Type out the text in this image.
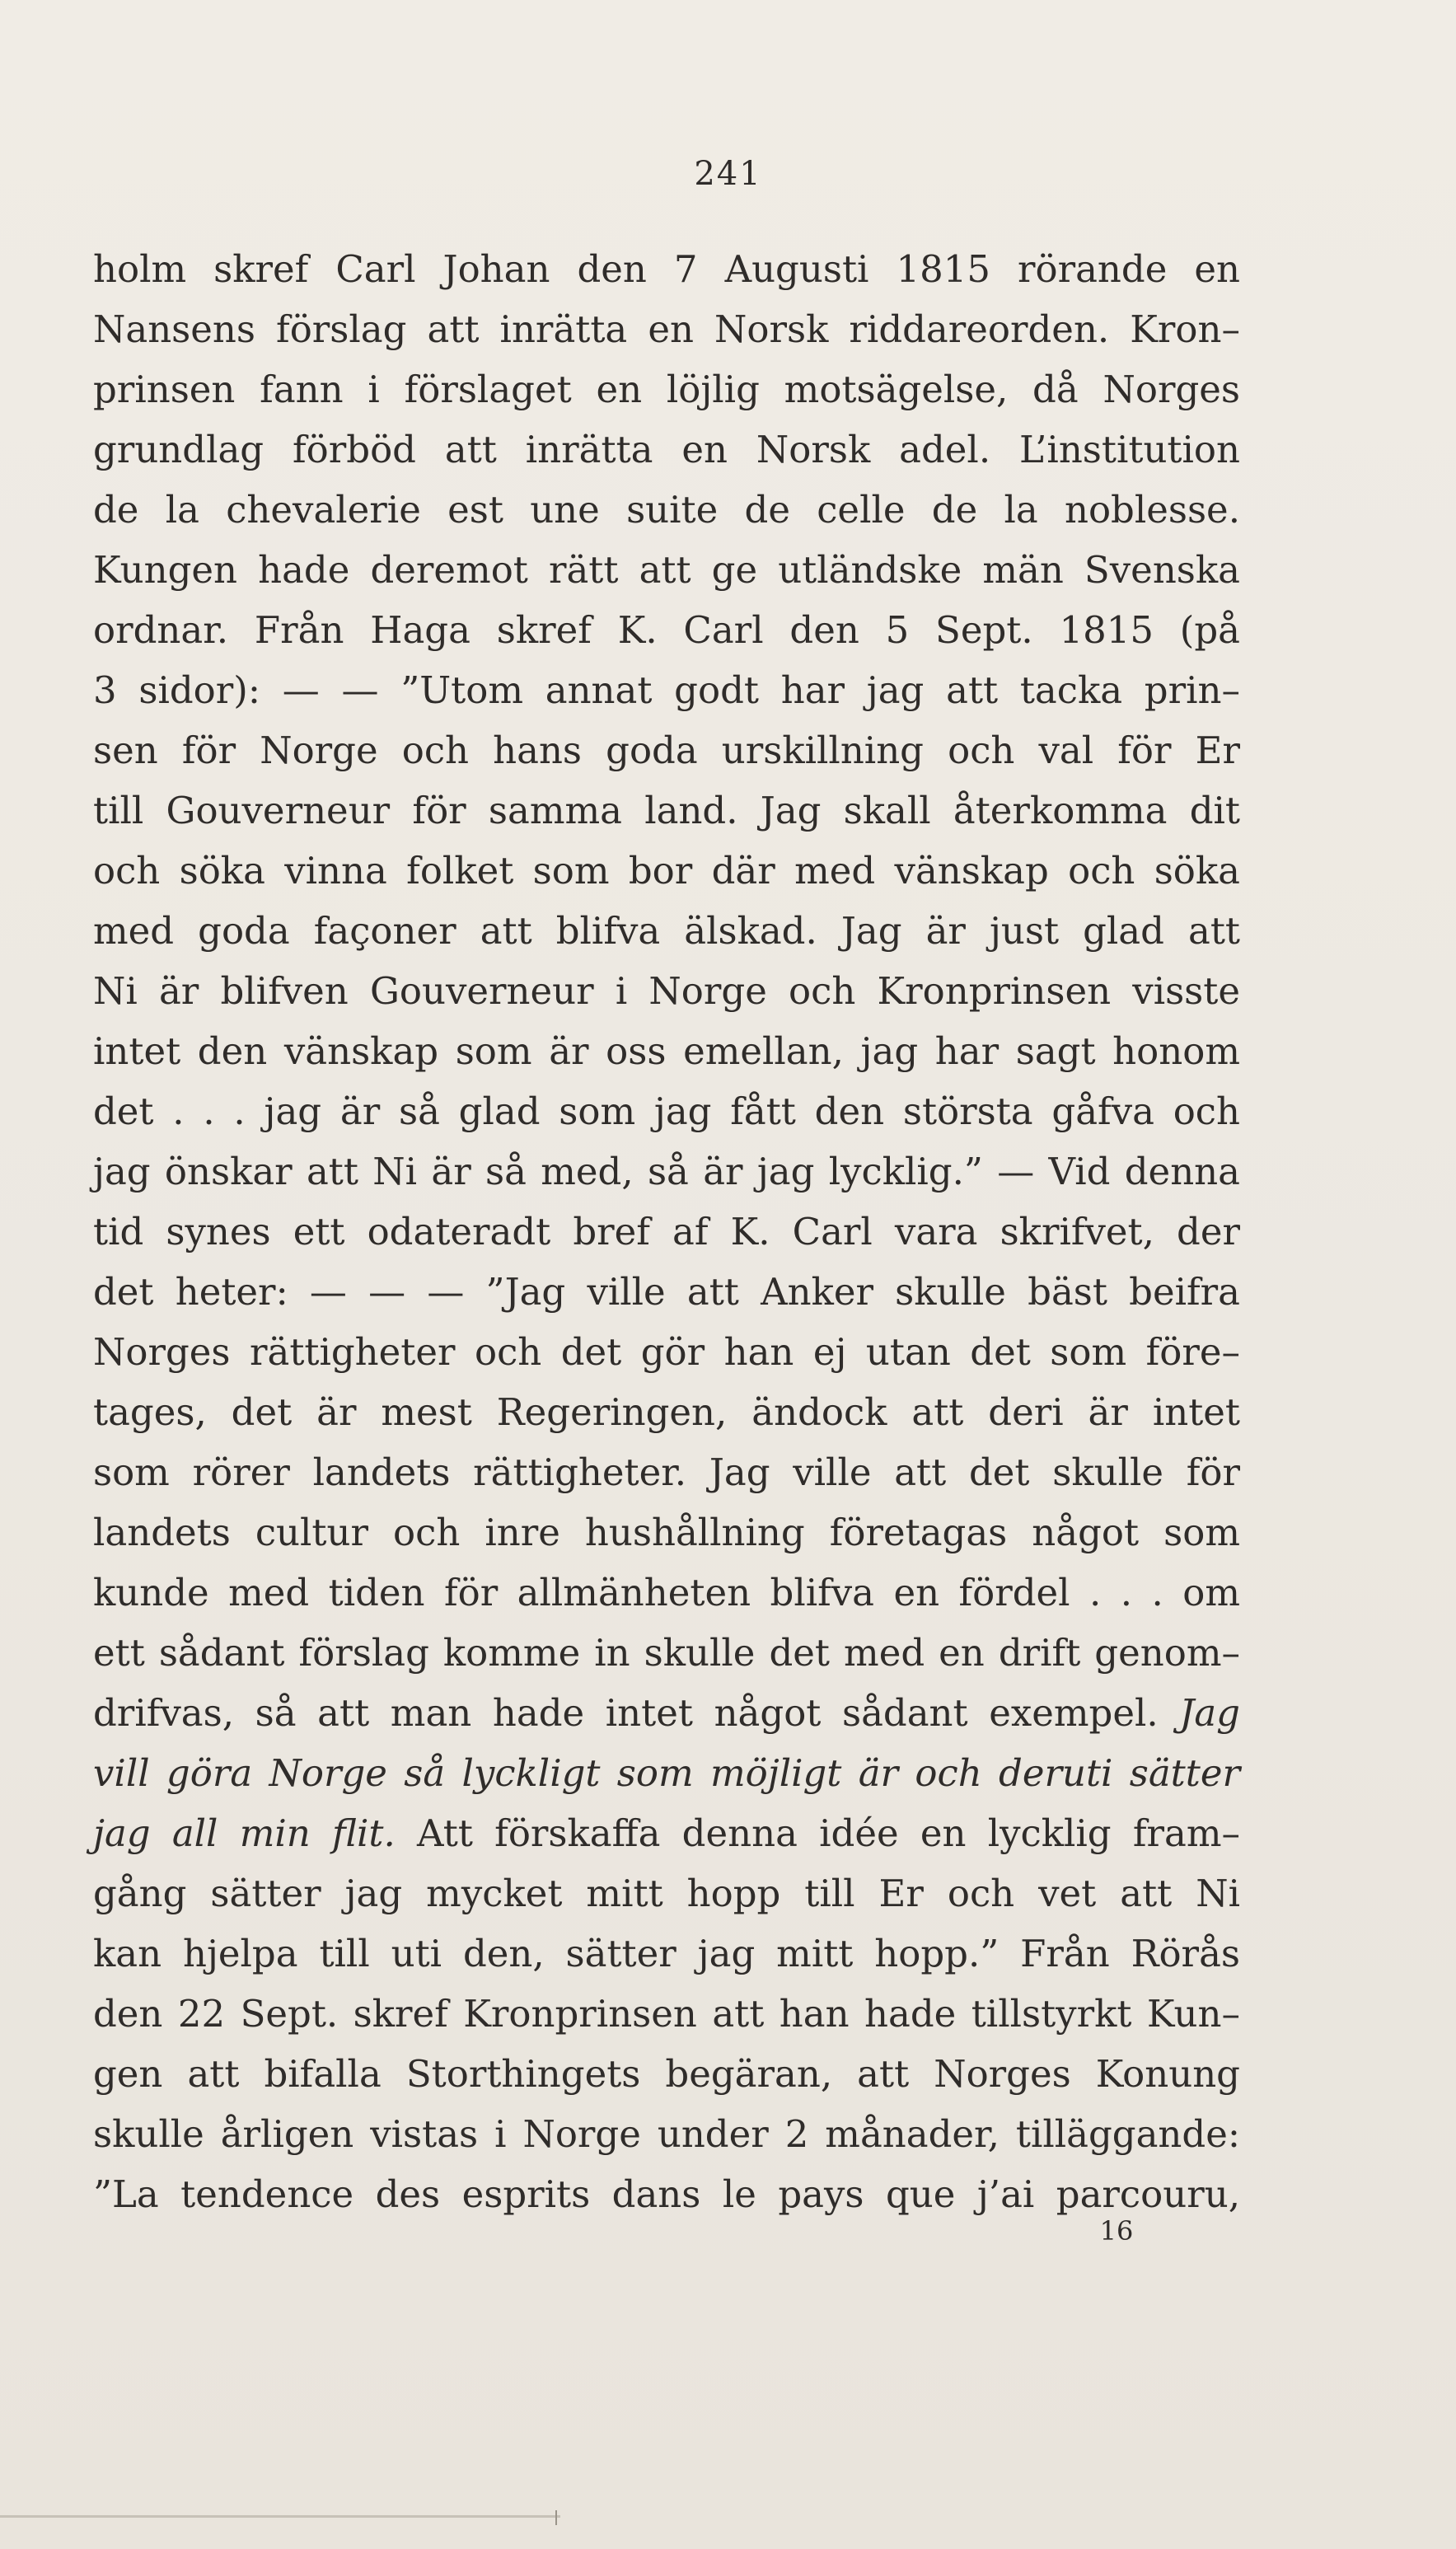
241
holm skref Carl Johan den 7 Augusti 1815 rörande en
Nansens förslag att inrätta en Norsk riddareorden. Kron–
prinsen fann i förslaget en löjlig motsägelse, då Norges
grundlag förböd att inrätta en Norsk adel. L’institution
de la chevalerie est une suite de celle de la noblesse.
Kungen hade deremot rätt att ge utländske män Svenska
ordnar. Från Haga skref K. Carl den 5 Sept. 1815 (på
3 sidor): — — ”Utom annat godt har jag att tacka prin–
sen för Norge och hans goda urskillning och val för Er
till Gouverneur för samma land. Jag skall återkomma dit
och söka vinna folket som bor där med vänskap och söka
med goda façoner att blifva älskad. Jag är just glad att
Ni är blifven Gouverneur i Norge och Kronprinsen visste
intet den vänskap som är oss emellan, jag har sagt honom
det . . . jag är så glad som jag fått den största gåfva och
jag önskar att Ni är så med, så är jag lycklig.” — Vid denna
tid synes ett odateradt bref af K. Carl vara skrifvet, der
det heter: — — — ”Jag ville att Anker skulle bäst beifra
Norges rättigheter och det gör han ej utan det som före–
tages, det är mest Regeringen, ändock att deri är intet
som rörer landets rättigheter. Jag ville att det skulle för
landets cultur och inre hushållning företagas något som
kunde med tiden för allmänheten blifva en fördel . . . om
ett sådant förslag komme in skulle det med en drift genom–
drifvas, så att man hade intet något sådant exempel. Jag
vill göra Norge så lyckligt som möjligt är och deruti sätter
jag all min flit. Att förskaffa denna idée en lycklig fram–
gång sätter jag mycket mitt hopp till Er och vet att Ni
kan hjelpa till uti den, sätter jag mitt hopp.” Från Rörås
den 22 Sept. skref Kronprinsen att han hade tillstyrkt Kun–
gen att bifalla Storthingets begäran, att Norges Konung
skulle årligen vistas i Norge under 2 månader, tilläggande:
”La tendence des esprits dans le pays que j’ai parcouru,
16
